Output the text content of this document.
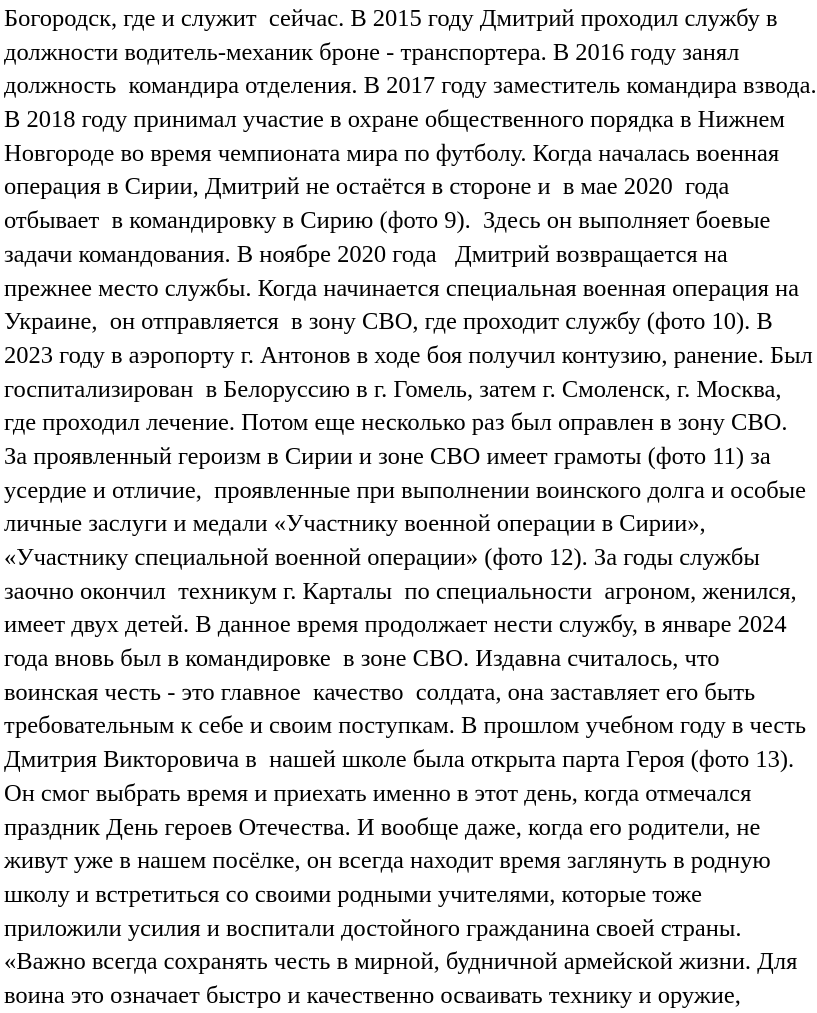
Богородск, где и служит  сейчас. В 2015 году Дмитрий проходил службу в
должности водитель-механик броне - транспортера. В 2016 году занял
должность  командира отделения. В 2017 году заместитель командира взвода.
В 2018 году принимал участие в охране общественного порядка в Нижнем
Новгороде во время чемпионата мира по футболу. Когда началась военная
операция в Сирии, Дмитрий не остаётся в стороне и  в мае 2020  года
отбывает  в командировку в Сирию (фото 9).  Здесь он выполняет боевые
задачи командования. В ноябре 2020 года   Дмитрий возвращается на
прежнее место службы. Когда начинается специальная военная операция на
Украине,  он отправляется  в зону СВО, где проходит службу (фото 10). В
2023 году в аэропорту г. Антонов в ходе боя получил контузию, ранение. Был
госпитализирован  в Белоруссию в г. Гомель, затем г. Смоленск, г. Москва,
где проходил лечение. Потом еще несколько раз был оправлен в зону СВО.
За проявленный героизм в Сирии и зоне СВО имеет грамоты (фото 11) за
усердие и отличие,  проявленные при выполнении воинского долга и особые
личные заслуги и медали «Участнику военной операции в Сирии»,
«Участнику специальной военной операции» (фото 12). За годы службы
заочно окончил  техникум г. Карталы  по специальности  агроном, женился,
имеет двух детей. В данное время продолжает нести службу, в январе 2024
года вновь был в командировке  в зоне СВО. Издавна считалось, что
воинская честь - это главное  качество  солдата, она заставляет его быть
требовательным к себе и своим поступкам. В прошлом учебном году в честь
Дмитрия Викторовича в  нашей школе была открыта парта Героя (фото 13).
Он смог выбрать время и приехать именно в этот день, когда отмечался
праздник День героев Отечества. И вообще даже, когда его родители, не
живут уже в нашем посёлке, он всегда находит время заглянуть в родную
школу и встретиться со своими родными учителями, которые тоже
приложили усилия и воспитали достойного гражданина своей страны.
«Важно всегда сохранять честь в мирной, будничной армейской жизни. Для
воина это означает быстро и качественно осваивать технику и оружие,
